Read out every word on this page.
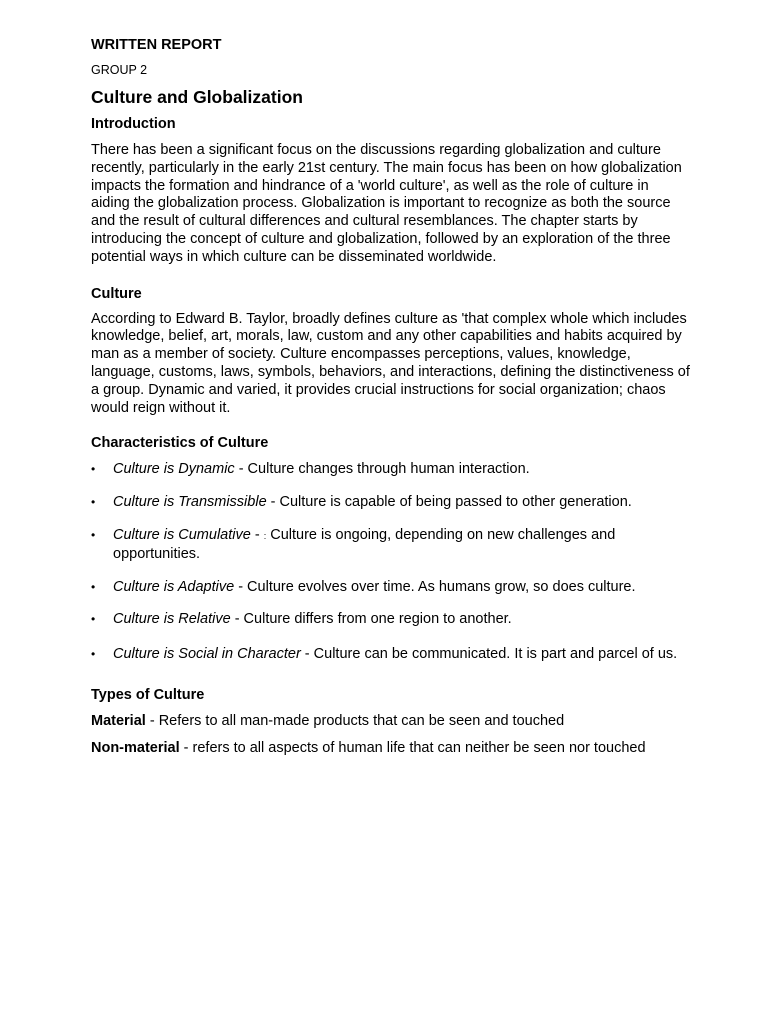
WRITTEN REPORT
GROUP 2
Culture and Globalization
Introduction

There has been a significant focus on the discussions regarding globalization and culture recently, particularly in the early 21st century. The main focus has been on how globalization impacts the formation and hindrance of a 'world culture', as well as the role of culture in aiding the globalization process. Globalization is important to recognize as both the source and the result of cultural differences and cultural resemblances. The chapter starts by introducing the concept of culture and globalization, followed by an exploration of the three potential ways in which culture can be disseminated worldwide.

Culture

According to Edward B. Taylor, broadly defines culture as 'that complex whole which includes knowledge, belief, art, morals, law, custom and any other capabilities and habits acquired by man as a member of society. Culture encompasses perceptions, values, knowledge, language, customs, laws, symbols, behaviors, and interactions, defining the distinctiveness of a group. Dynamic and varied, it provides crucial instructions for social organization; chaos would reign without it.

Characteristics of Culture
• Culture is Dynamic - Culture changes through human interaction.
• Culture is Transmissible - Culture is capable of being passed to other generation.
• Culture is Cumulative - : Culture is ongoing, depending on new challenges and opportunities.
• Culture is Adaptive - Culture evolves over time. As humans grow, so does culture.
• Culture is Relative - Culture differs from one region to another.
• Culture is Social in Character - Culture can be communicated. It is part and parcel of us.
Types of Culture

Material - Refers to all man-made products that can be seen and touched

Non-material - refers to all aspects of human life that can neither be seen nor touched
